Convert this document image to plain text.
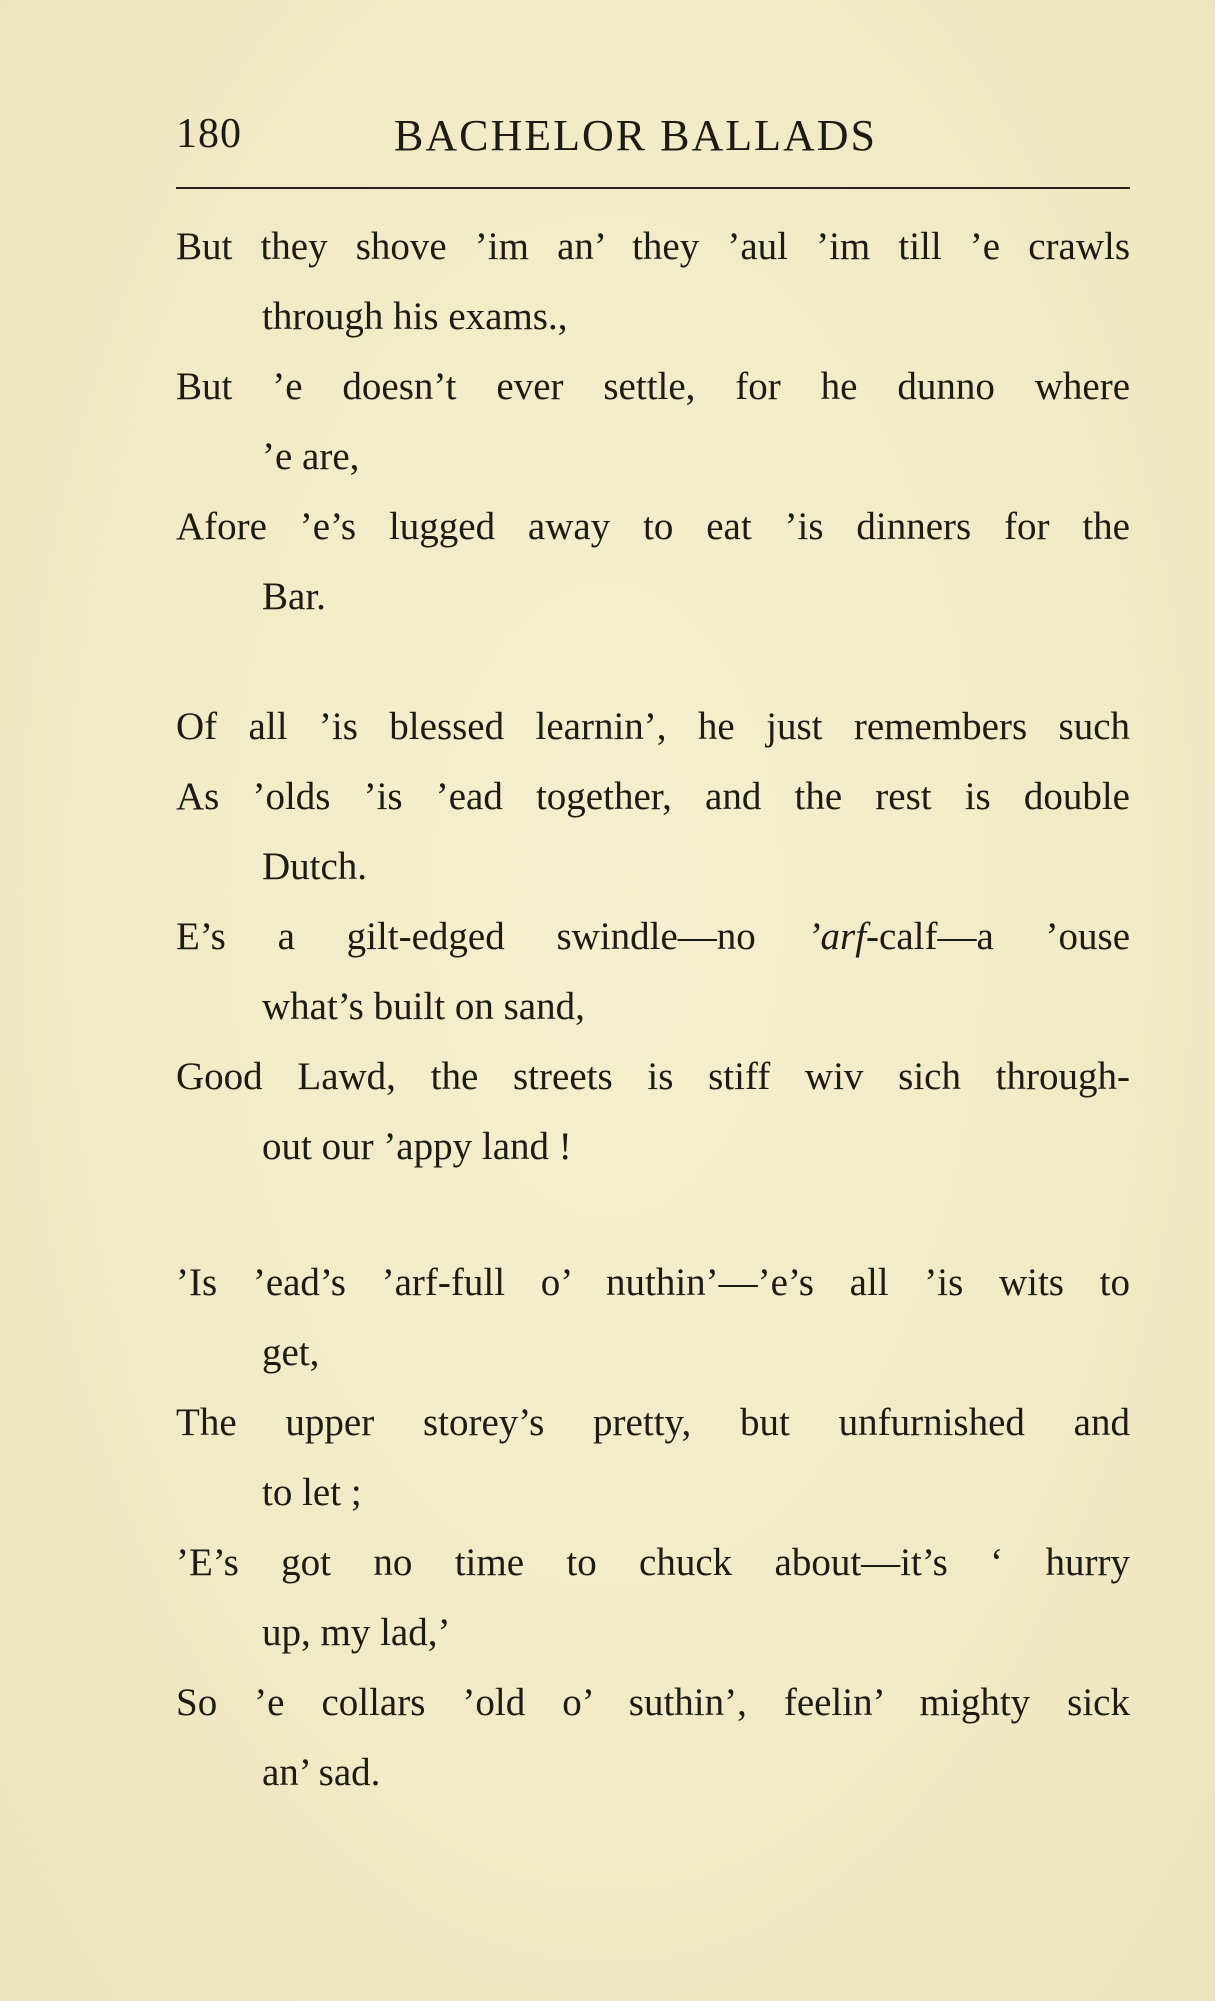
180	BACHELOR BALLADS
But they shove ’im an’ they ’aul ’im till ’e crawls
through his exams.,
But ’e doesn’t ever settle, for he dunno where
’e are,
Afore ’e’s lugged away to eat ’is dinners for the
Bar.
Of all ’is blessed learnin’, he just remembers such
As ’olds ’is ’ead together, and the rest is double
Dutch.
E’s a gilt-edged swindle—no ’arf-calf—a ’ouse
what’s built on sand,
Good Lawd, the streets is stiff wiv sich through-
out our ’appy land !
’Is ’ead’s ’arf-full o’ nuthin’—’e’s all ’is wits to
get,
The upper storey’s pretty, but unfurnished and
to let ;
’E’s got no time to chuck about—it’s ‘ hurry
up, my lad,’
So ’e collars ’old o’ suthin’, feelin’ mighty sick
an’ sad.
